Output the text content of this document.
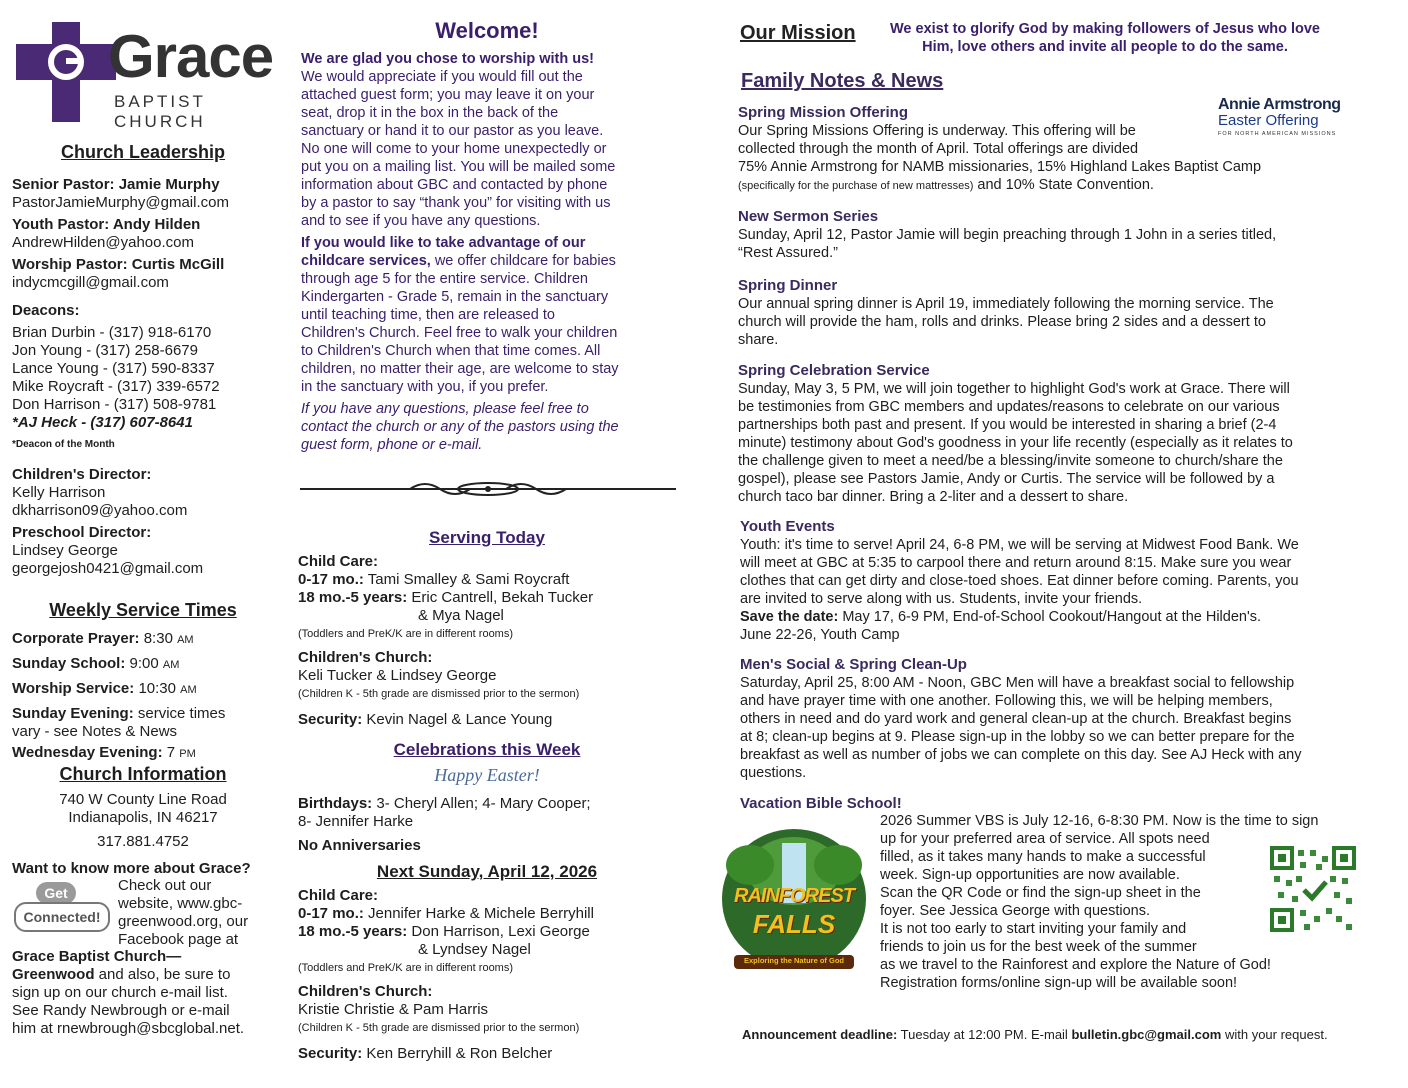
Grace
BAPTIST CHURCH
Church Leadership
Senior Pastor: Jamie Murphy
PastorJamieMurphy@gmail.com
Youth Pastor: Andy Hilden
AndrewHilden@yahoo.com
Worship Pastor: Curtis McGill
indycmcgill@gmail.com
Deacons:
Brian Durbin - (317) 918-6170
Jon Young - (317) 258-6679
Lance Young - (317) 590-8337
Mike Roycraft - (317) 339-6572
Don Harrison - (317) 508-9781
*AJ Heck - (317) 607-8641
*Deacon of the Month
Children's Director:
Kelly Harrison
dkharrison09@yahoo.com
Preschool Director:
Lindsey George
georgejosh0421@gmail.com
Weekly Service Times
Corporate Prayer: 8:30 AM
Sunday School: 9:00 AM
Worship Service: 10:30 AM
Sunday Evening: service times
vary - see Notes & News
Wednesday Evening: 7 PM
Church Information
740 W County Line Road
Indianapolis, IN 46217
317.881.4752
Want to know more about Grace?
Get
Connected!
Check out our
website, www.gbc-
greenwood.org, our
Facebook page at
Grace Baptist Church—
Greenwood and also, be sure to
sign up on our church e-mail list.
See Randy Newbrough or e-mail
him at rnewbrough@sbcglobal.net.
Welcome!
We are glad you chose to worship with us!
We would appreciate if you would fill out the
attached guest form; you may leave it on your
seat, drop it in the box in the back of the
sanctuary or hand it to our pastor as you leave.
No one will come to your home unexpectedly or
put you on a mailing list. You will be mailed some
information about GBC and contacted by phone
by a pastor to say “thank you” for visiting with us
and to see if you have any questions.
If you would like to take advantage of our
childcare services, we offer childcare for babies
through age 5 for the entire service. Children
Kindergarten - Grade 5, remain in the sanctuary
until teaching time, then are released to
Children's Church. Feel free to walk your children
to Children's Church when that time comes. All
children, no matter their age, are welcome to stay
in the sanctuary with you, if you prefer.
If you have any questions, please feel free to
contact the church or any of the pastors using the
guest form, phone or e-mail.
Serving Today
Child Care:
0-17 mo.: Tami Smalley & Sami Roycraft
18 mo.-5 years: Eric Cantrell, Bekah Tucker
& Mya Nagel
(Toddlers and PreK/K are in different rooms)
Children's Church:
Keli Tucker & Lindsey George
(Children K - 5th grade are dismissed prior to the sermon)
Security: Kevin Nagel & Lance Young
Celebrations this Week
Happy Easter!
Birthdays: 3- Cheryl Allen; 4- Mary Cooper;
8- Jennifer Harke
No Anniversaries
Next Sunday, April 12, 2026
Child Care:
0-17 mo.: Jennifer Harke & Michele Berryhill
18 mo.-5 years: Don Harrison, Lexi George
& Lyndsey Nagel
(Toddlers and PreK/K are in different rooms)
Children's Church:
Kristie Christie & Pam Harris
(Children K - 5th grade are dismissed prior to the sermon)
Security: Ken Berryhill & Ron Belcher
Our Mission	We exist to glorify God by making followers of Jesus who love
Him, love others and invite all people to do the same.
Family Notes & News
Annie Armstrong
Easter Offering
FOR NORTH AMERICAN MISSIONS
Spring Mission Offering
Our Spring Missions Offering is underway. This offering will be
collected through the month of April. Total offerings are divided
75% Annie Armstrong for NAMB missionaries, 15% Highland Lakes Baptist Camp
(specifically for the purchase of new mattresses) and 10% State Convention.
New Sermon Series
Sunday, April 12, Pastor Jamie will begin preaching through 1 John in a series titled,
“Rest Assured.”
Spring Dinner
Our annual spring dinner is April 19, immediately following the morning service. The
church will provide the ham, rolls and drinks. Please bring 2 sides and a dessert to
share.
Spring Celebration Service
Sunday, May 3, 5 PM, we will join together to highlight God's work at Grace. There will
be testimonies from GBC members and updates/reasons to celebrate on our various
partnerships both past and present. If you would be interested in sharing a brief (2-4
minute) testimony about God's goodness in your life recently (especially as it relates to
the challenge given to meet a need/be a blessing/invite someone to church/share the
gospel), please see Pastors Jamie, Andy or Curtis. The service will be followed by a
church taco bar dinner. Bring a 2-liter and a dessert to share.
Youth Events
Youth: it's time to serve! April 24, 6-8 PM, we will be serving at Midwest Food Bank. We
will meet at GBC at 5:35 to carpool there and return around 8:15. Make sure you wear
clothes that can get dirty and close-toed shoes. Eat dinner before coming. Parents, you
are invited to serve along with us. Students, invite your friends.
Save the date: May 17, 6-9 PM, End-of-School Cookout/Hangout at the Hilden's.
June 22-26, Youth Camp
Men's Social & Spring Clean-Up
Saturday, April 25, 8:00 AM - Noon, GBC Men will have a breakfast social to fellowship
and have prayer time with one another. Following this, we will be helping members,
others in need and do yard work and general clean-up at the church. Breakfast begins
at 8; clean-up begins at 9. Please sign-up in the lobby so we can better prepare for the
breakfast as well as number of jobs we can complete on this day. See AJ Heck with any
questions.
Vacation Bible School!
RAINFOREST
FALLS
Exploring the Nature of God
2026 Summer VBS is July 12-16, 6-8:30 PM. Now is the time to sign
up for your preferred area of service. All spots need
filled, as it takes many hands to make a successful
week. Sign-up opportunities are now available.
Scan the QR Code or find the sign-up sheet in the
foyer. See Jessica George with questions.
It is not too early to start inviting your family and
friends to join us for the best week of the summer
as we travel to the Rainforest and explore the Nature of God!
Registration forms/online sign-up will be available soon!
Announcement deadline: Tuesday at 12:00 PM. E-mail bulletin.gbc@gmail.com with your request.
